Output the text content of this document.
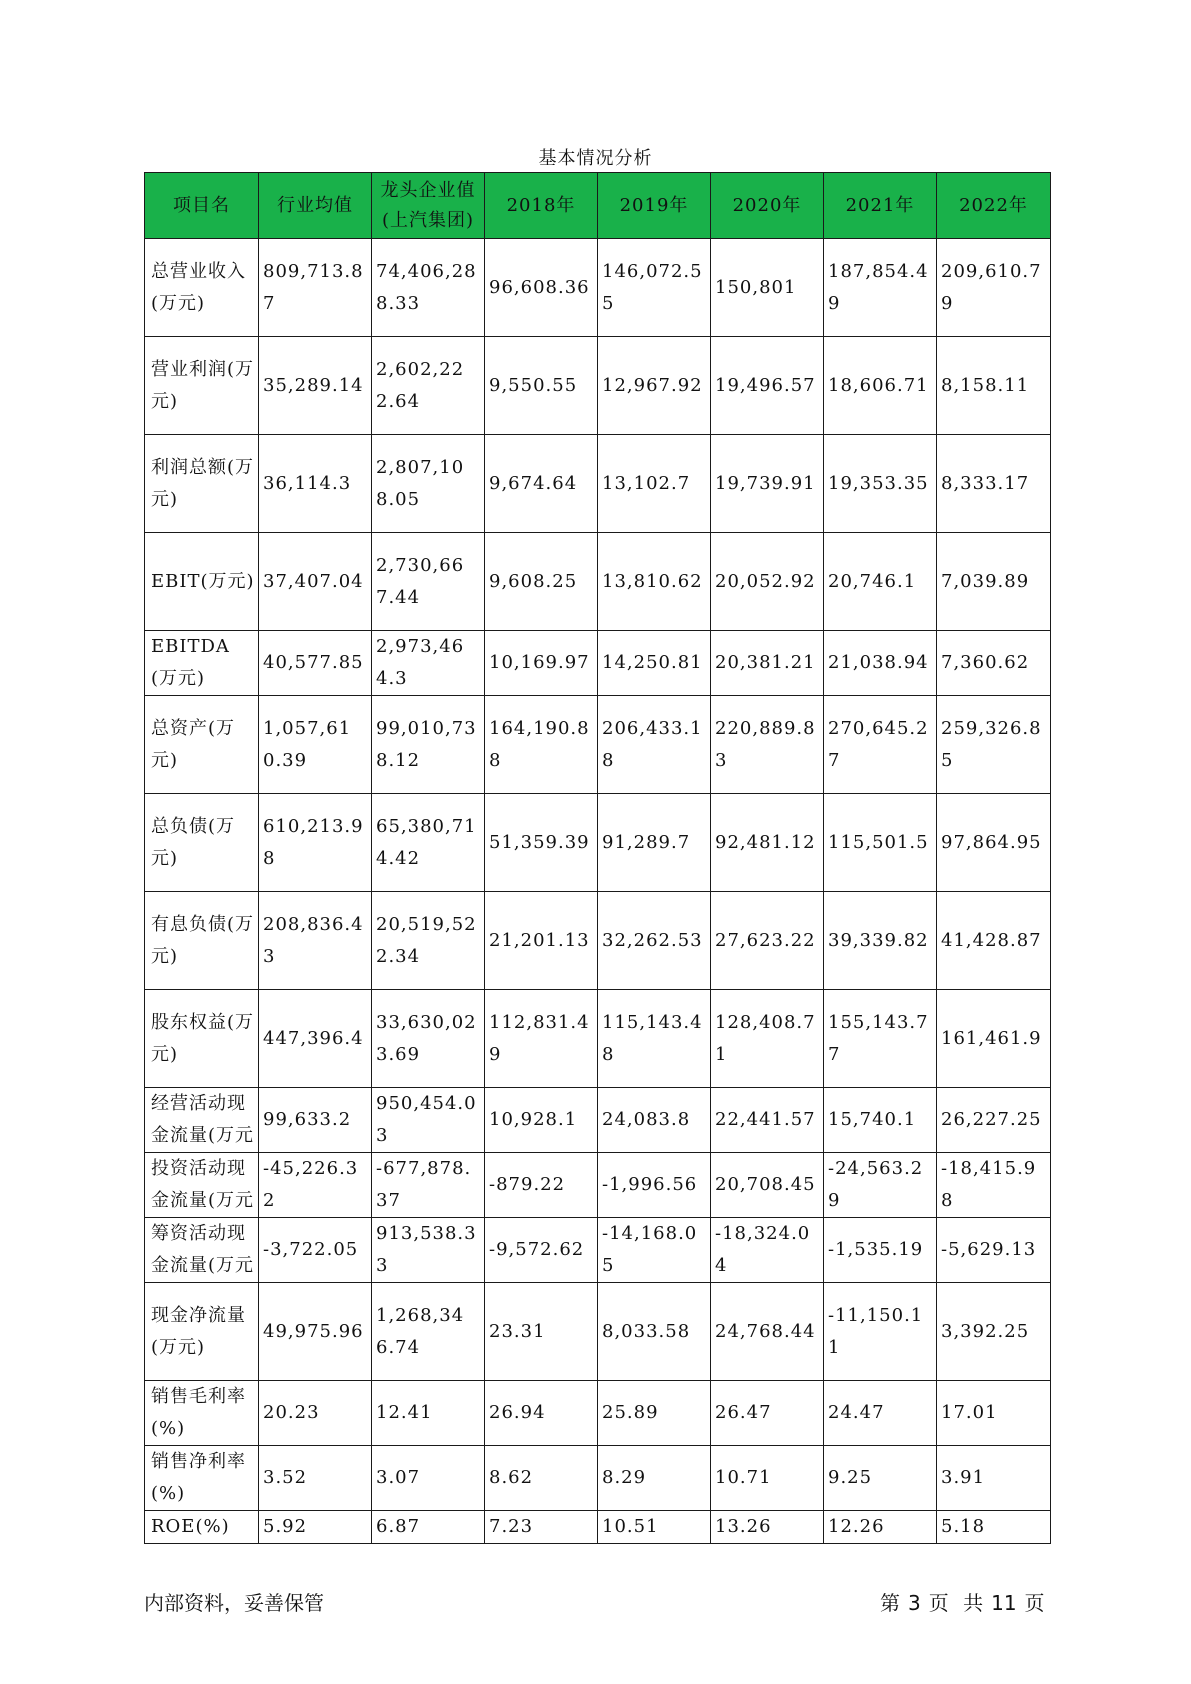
基本情况分析
项目名	行业均值	龙头企业值(上汽集团)	2018年	2019年	2020年	2021年	2022年

总营业收入(万元)	809,713.87	74,406,288.33	96,608.36	146,072.55	150,801	187,854.49	209,610.79

营业利润(万元)	35,289.14	2,602,222.64	9,550.55	12,967.92	19,496.57	18,606.71	8,158.11

利润总额(万元)	36,114.3	2,807,108.05	9,674.64	13,102.7	19,739.91	19,353.35	8,333.17

EBIT(万元)	37,407.04	2,730,667.44	9,608.25	13,810.62	20,052.92	20,746.1	7,039.89

EBITDA(万元)	40,577.85	2,973,464.3	10,169.97	14,250.81	20,381.21	21,038.94	7,360.62

总资产(万元)	1,057,610.39	99,010,738.12	164,190.88	206,433.18	220,889.83	270,645.27	259,326.85

总负债(万元)	610,213.98	65,380,714.42	51,359.39	91,289.7	92,481.12	115,501.5	97,864.95

有息负债(万元)	208,836.43	20,519,522.34	21,201.13	32,262.53	27,623.22	39,339.82	41,428.87

股东权益(万元)	447,396.4	33,630,023.69	112,831.49	115,143.48	128,408.71	155,143.77	161,461.9

经营活动现金流量(万元	99,633.2	950,454.03	10,928.1	24,083.8	22,441.57	15,740.1	26,227.25

投资活动现金流量(万元	-45,226.32	-677,878.37	-879.22	-1,996.56	20,708.45	-24,563.29	-18,415.98

筹资活动现金流量(万元	-3,722.05	913,538.33	-9,572.62	-14,168.05	-18,324.04	-1,535.19	-5,629.13

现金净流量(万元)	49,975.96	1,268,346.74	23.31	8,033.58	24,768.44	-11,150.11	3,392.25

销售毛利率(%)	20.23	12.41	26.94	25.89	26.47	24.47	17.01

销售净利率(%)	3.52	3.07	8.62	8.29	10.71	9.25	3.91

ROE(%)	5.92	6.87	7.23	10.51	13.26	12.26	5.18
内部资料，妥善保管	第 3 页 共 11 页
